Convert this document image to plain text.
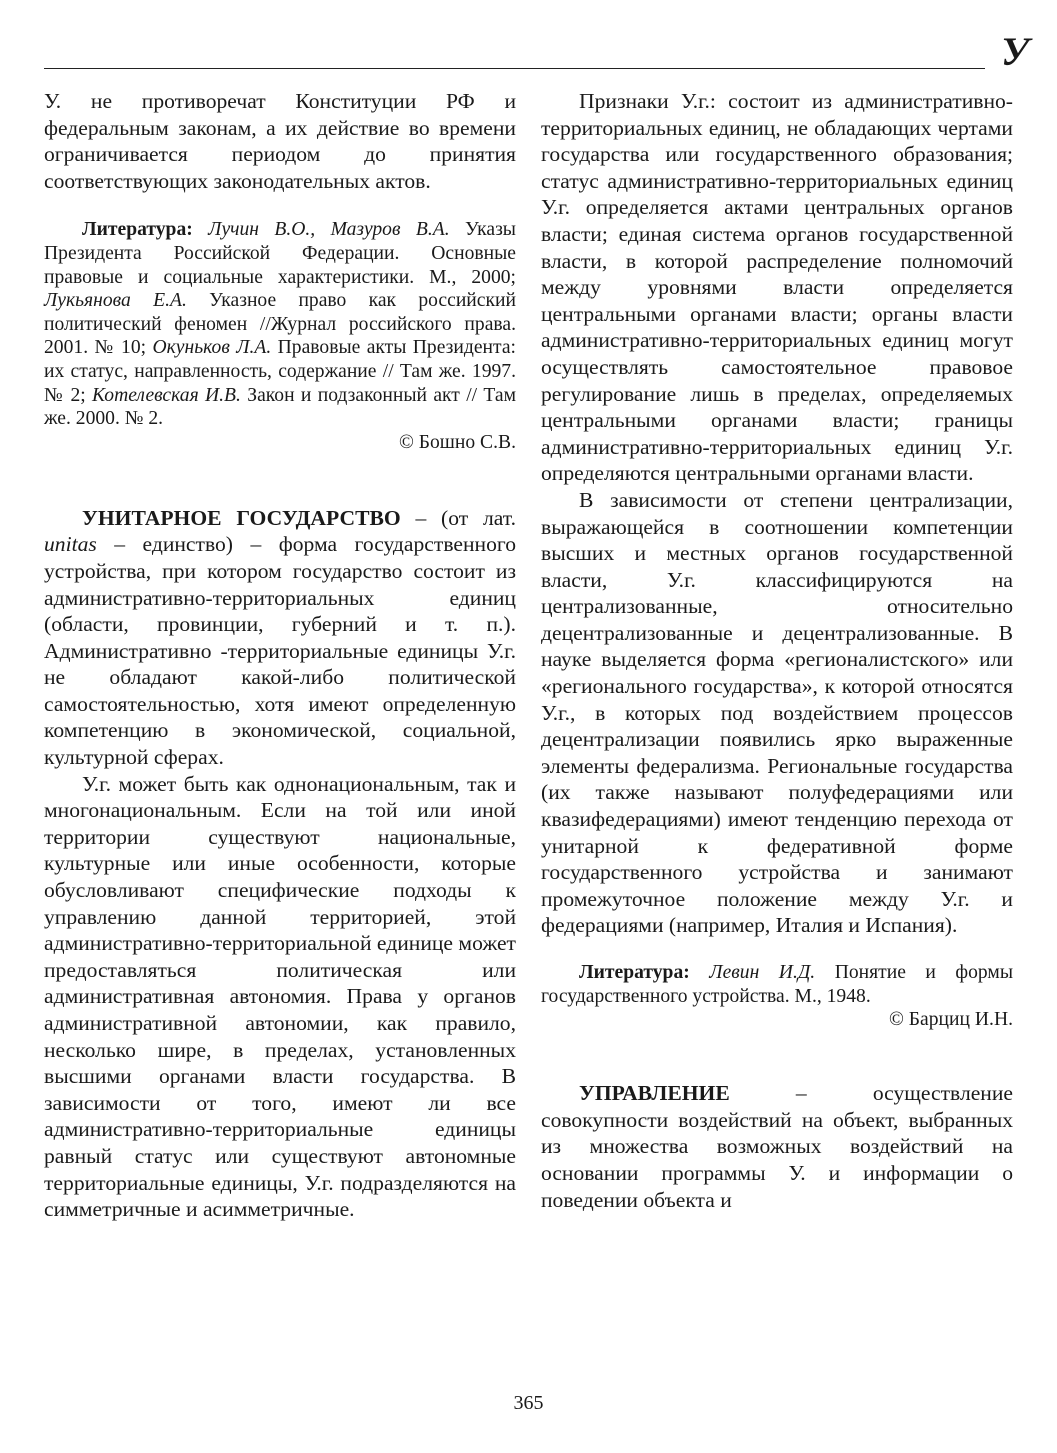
У

У. не противоречат Конституции РФ и федеральным законам, а их действие во времени ограничивается периодом до принятия соответствующих законодательных актов.

Литература: Лучин В.О., Мазуров В.А. Указы Президента Российской Федерации. Основные правовые и социальные характеристики. М., 2000; Лукьянова Е.А. Указное право как российский политический феномен //Журнал российского права. 2001. № 10; Окуньков Л.А. Правовые акты Президента: их статус, направленность, содержание // Там же. 1997. № 2; Котелевская И.В. Закон и подзаконный акт // Там же. 2000. № 2.

© Бошно С.В.

УНИТАРНОЕ ГОСУДАРСТВО – (от лат. unitas – единство) – форма государственного устройства, при котором государство состоит из административно-территориальных единиц (области, провинции, губерний и т. п.). Административно -территориальные единицы У.г. не обладают какой-либо политической самостоятельностью, хотя имеют определенную компетенцию в экономической, социальной, культурной сферах.

У.г. может быть как однонациональным, так и многонациональным. Если на той или иной территории существуют национальные, культурные или иные особенности, которые обусловливают специфические подходы к управлению данной территорией, этой административно-территориальной единице может предоставляться политическая или административная автономия. Права у органов административной автономии, как правило, несколько шире, в пределах, установленных высшими органами власти государства. В зависимости от того, имеют ли все административно-территориальные единицы равный статус или существуют автономные территориальные единицы, У.г. подразделяются на симметричные и асимметричные.

Признаки У.г.: состоит из административно-территориальных единиц, не обладающих чертами государства или государственного образования; статус административно-территориальных единиц У.г. определяется актами центральных органов власти; единая система органов государственной власти, в которой распределение полномочий между уровнями власти определяется центральными органами власти; органы власти административно-территориальных единиц могут осуществлять самостоятельное правовое регулирование лишь в пределах, определяемых центральными органами власти; границы административно-территориальных единиц У.г. определяются центральными органами власти.

В зависимости от степени централизации, выражающейся в соотношении компетенции высших и местных органов государственной власти, У.г. классифицируются на централизованные, относительно децентрализованные и децентрализованные. В науке выделяется форма «регионалистского» или «регионального государства», к которой относятся У.г., в которых под воздействием процессов децентрализации появились ярко выраженные элементы федерализма. Региональные государства (их также называют полуфедерациями или квазифедерациями) имеют тенденцию перехода от унитарной к федеративной форме государственного устройства и занимают промежуточное положение между У.г. и федерациями (например, Италия и Испания).

Литература: Левин И.Д. Понятие и формы государственного устройства. М., 1948.

© Барциц И.Н.

УПРАВЛЕНИЕ – осуществление совокупности воздействий на объект, выбранных из множества возможных воздействий на основании программы У. и информации о поведении объекта и

365
